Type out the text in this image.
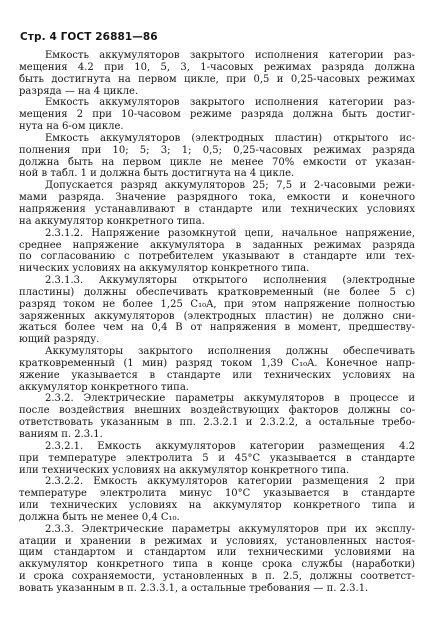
Стр. 4 ГОСТ 26881—86
Емкость аккумуляторов закрытого исполнения категории раз-
мещения 4.2 при 10, 5, 3, 1-часовых режимах разряда должна
быть достигнута на первом цикле, при 0,5 и 0,25-часовых режимах
разряда — на 4 цикле.
Емкость аккумуляторов закрытого исполнения категории раз-
мещения 2 при 10-часовом режиме разряда должна быть достиг-
нута на 6-ом цикле.
Емкость аккумуляторов (электродных пластин) открытого ис-
полнения при 10; 5; 3; 1; 0,5; 0,25-часовых режимах разряда
должна быть на первом цикле не менее 70% емкости от указан-
ной в табл. 1 и должна быть достигнута на 4 цикле.
Допускается разряд аккумуляторов 25; 7,5 и 2-часовыми режи-
мами разряда. Значение разрядного тока, емкости и конечного
напряжения устанавливают в стандарте или технических условиях
на аккумулятор конкретного типа.
2.3.1.2. Напряжение разомкнутой цепи, начальное напряжение,
среднее напряжение аккумулятора в заданных режимах разряда
по согласованию с потребителем указывают в стандарте или тех-
нических условиях на аккумулятор конкретного типа.
2.3.1.3. Аккумуляторы открытого исполнения (электродные
пластины) должны обеспечивать кратковременный (не более 5 с)
разряд током не более 1,25 C₁₀A, при этом напряжение полностью
заряженных аккумуляторов (электродных пластин) не должно сни-
жаться более чем на 0,4 В от напряжения в момент, предшеству-
ющий разряду.
Аккумуляторы закрытого исполнения должны обеспечивать
кратковременный (1 мин) разряд током 1,39 C₁₀A. Конечное напр-
яжение указывается в стандарте или технических условиях на
аккумулятор конкретного типа.
2.3.2. Электрические параметры аккумуляторов в процессе и
после воздействия внешних воздействующих факторов должны со-
ответствовать указанным в пп. 2.3.2.1 и 2.3.2.2, а остальные требо-
ваниям п. 2.3.1.
2.3.2.1. Емкость аккумуляторов категории размещения 4.2
при температуре электролита 5 и 45°С указывается в стандарте
или технических условиях на аккумулятор конкретного типа.
2.3.2.2. Емкость аккумуляторов категории размещения 2 при
температуре электролита минус 10°С указывается в стандарте
или технических условиях на аккумулятор конкретного типа и
должна быть не менее 0,4 C₁₀.
2.3.3. Электрические параметры аккумуляторов при их эксплу-
атации и хранении в режимах и условиях, установленных настоя-
щим стандартом и стандартом или техническими условиями на
аккумулятор конкретного типа в конце срока службы (наработки)
и срока сохраняемости, установленных в п. 2.5, должны соответст-
вовать указанным в п. 2.3.3.1, а остальные требования — п. 2.3.1.
